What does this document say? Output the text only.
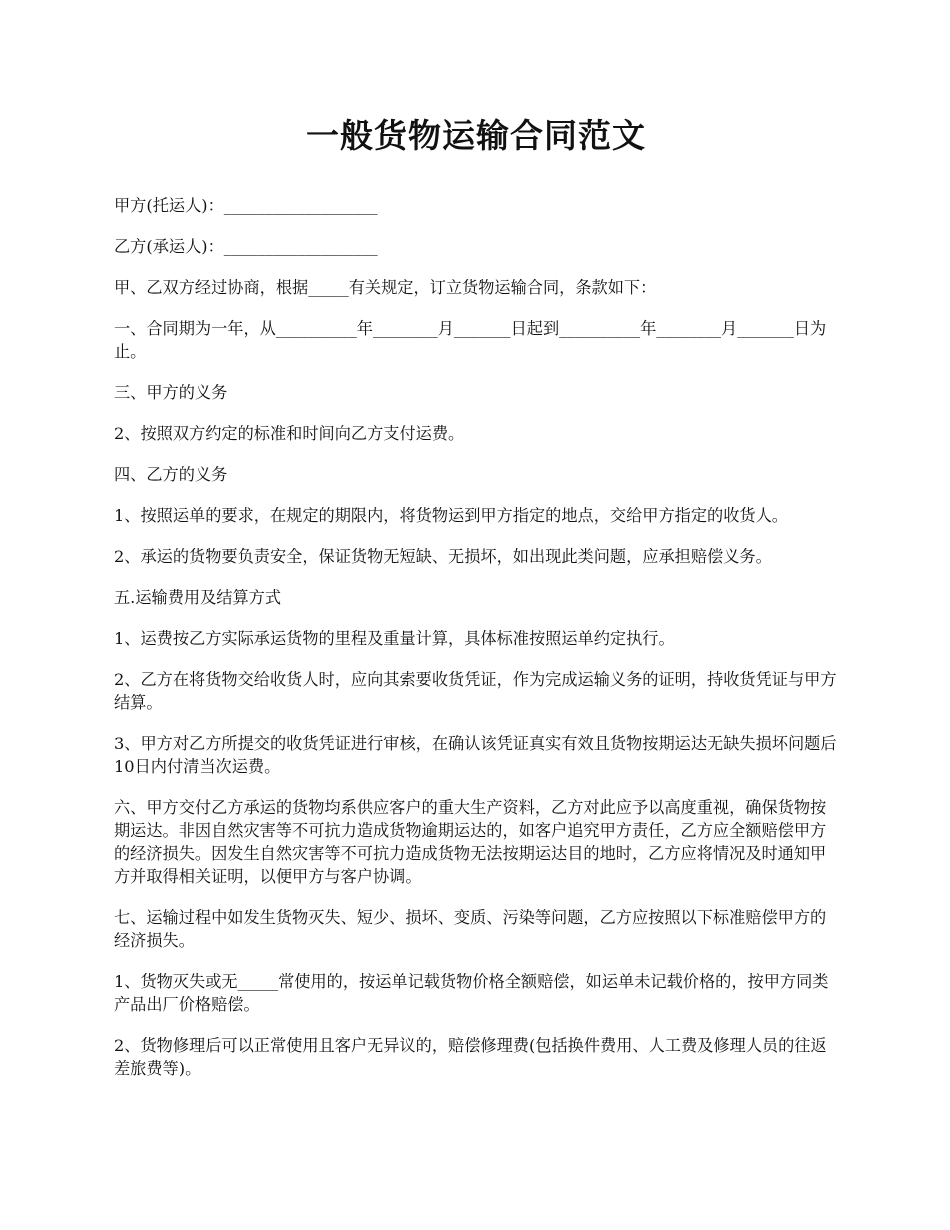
一般货物运输合同范文

甲方(托运人)：___________________

乙方(承运人)：___________________

甲、乙双方经过协商，根据_____有关规定，订立货物运输合同，条款如下：

一、合同期为一年，从__________年________月_______日起到__________年________月_______日为止。

三、甲方的义务

2、按照双方约定的标准和时间向乙方支付运费。

四、乙方的义务

1、按照运单的要求，在规定的期限内，将货物运到甲方指定的地点，交给甲方指定的收货人。

2、承运的货物要负责安全，保证货物无短缺、无损坏，如出现此类问题，应承担赔偿义务。

五.运输费用及结算方式

1、运费按乙方实际承运货物的里程及重量计算，具体标准按照运单约定执行。

2、乙方在将货物交给收货人时，应向其索要收货凭证，作为完成运输义务的证明，持收货凭证与甲方结算。

3、甲方对乙方所提交的收货凭证进行审核，在确认该凭证真实有效且货物按期运达无缺失损坏问题后10日内付清当次运费。

六、甲方交付乙方承运的货物均系供应客户的重大生产资料，乙方对此应予以高度重视，确保货物按期运达。非因自然灾害等不可抗力造成货物逾期运达的，如客户追究甲方责任，乙方应全额赔偿甲方的经济损失。因发生自然灾害等不可抗力造成货物无法按期运达目的地时，乙方应将情况及时通知甲方并取得相关证明，以便甲方与客户协调。

七、运输过程中如发生货物灭失、短少、损坏、变质、污染等问题，乙方应按照以下标准赔偿甲方的经济损失。

1、货物灭失或无_____常使用的，按运单记载货物价格全额赔偿，如运单未记载价格的，按甲方同类产品出厂价格赔偿。

2、货物修理后可以正常使用且客户无异议的，赔偿修理费(包括换件费用、人工费及修理人员的往返差旅费等)。
